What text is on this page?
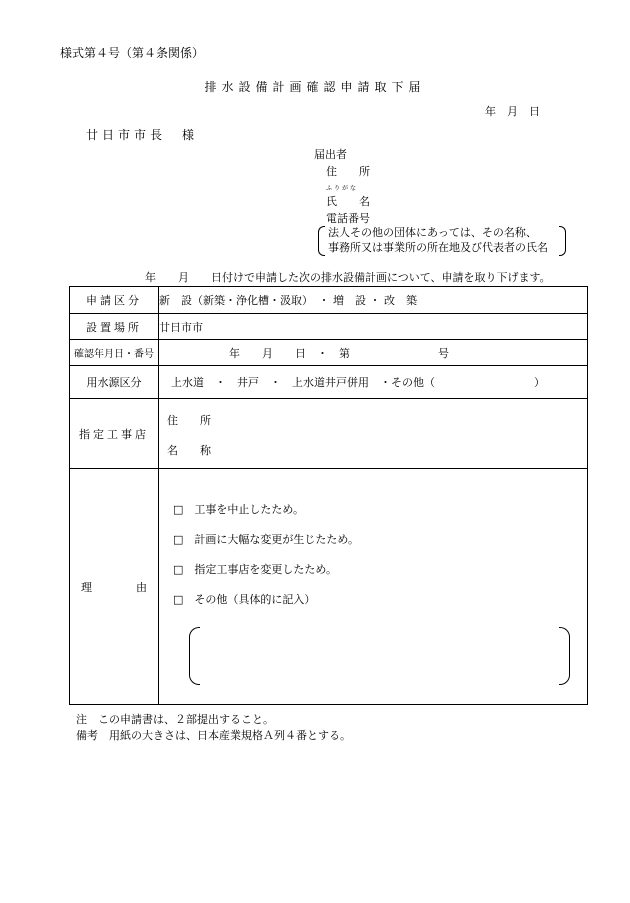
様式第４号（第４条関係）
排水設備計画確認申請取下届
年　月　日
廿日市市長　様
届出者
住　　所
ふりがな
氏　　名
電話番号
法人その他の団体にあっては、その名称、
事務所又は事業所の所在地及び代表者の氏名
年　　月　　日付けで申請した次の排水設備計画について、申請を取り下げます。
申請区分	新　設（新築・浄化槽・汲取）　・ 増　設 ・ 改　築
設置場所	廿日市市
確認年月日・番号	年　　月　　日　・　第　　　　　　　　号
用水源区分	上水道　・　井戸　・　上水道井戸併用　・その他（　　　　　　　　　）
指定工事店	住　　所
名　　称

理　　　　由	□　工事を中止したため。
□　計画に大幅な変更が生じたため。
□　指定工事店を変更したため。
□　その他（具体的に記入）
注　この申請書は、２部提出すること。
備考　用紙の大きさは、日本産業規格Ａ列４番とする。
